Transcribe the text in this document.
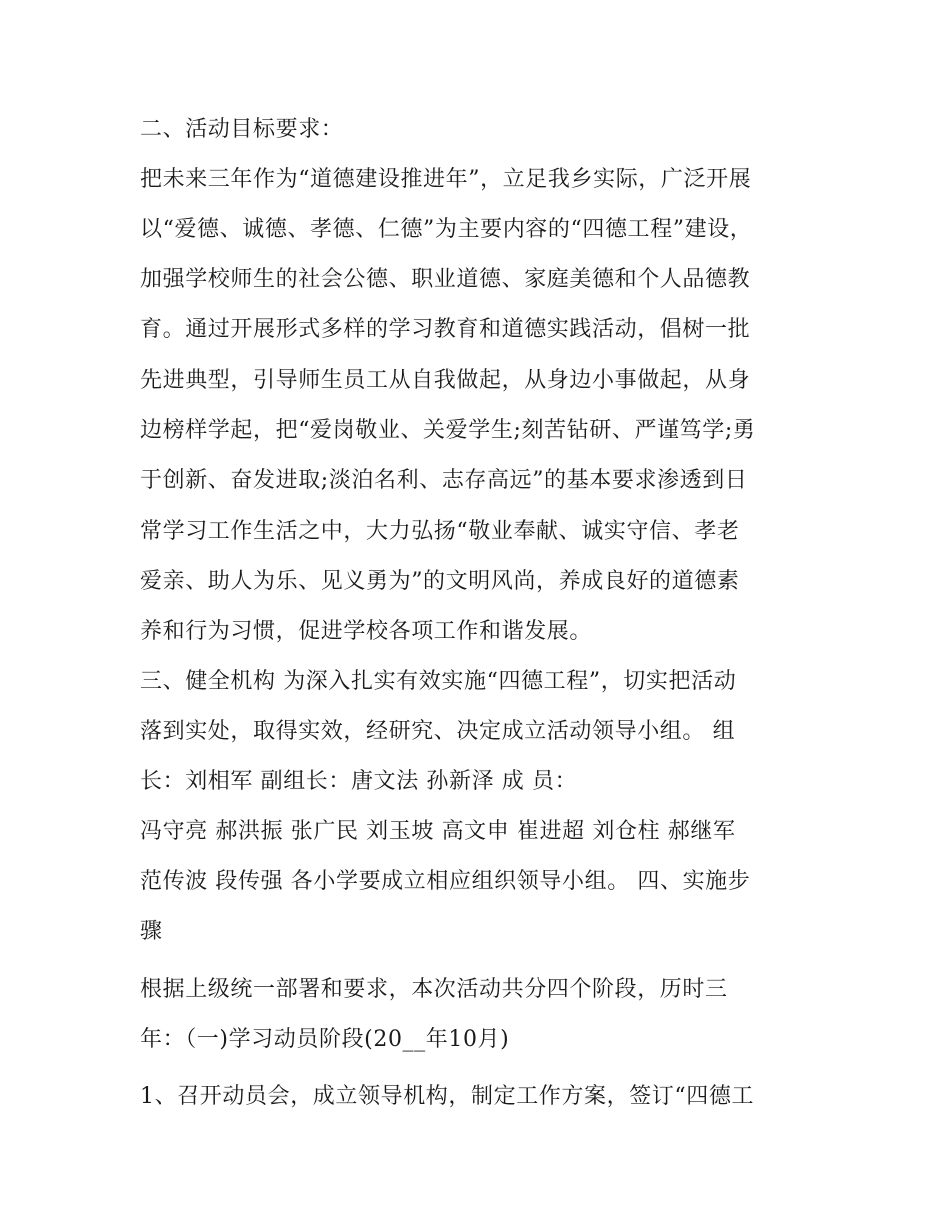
二、活动目标要求：
把未来三年作为“道德建设推进年”，立足我乡实际，广泛开展
以“爱德、诚德、孝德、仁德”为主要内容的“四德工程”建设，
加强学校师生的社会公德、职业道德、家庭美德和个人品德教
育。通过开展形式多样的学习教育和道德实践活动，倡树一批
先进典型，引导师生员工从自我做起，从身边小事做起，从身
边榜样学起，把“爱岗敬业、关爱学生;刻苦钻研、严谨笃学;勇
于创新、奋发进取;淡泊名利、志存高远”的基本要求渗透到日
常学习工作生活之中，大力弘扬“敬业奉献、诚实守信、孝老
爱亲、助人为乐、见义勇为”的文明风尚，养成良好的道德素
养和行为习惯，促进学校各项工作和谐发展。
三、健全机构 为深入扎实有效实施“四德工程”，切实把活动
落到实处，取得实效，经研究、决定成立活动领导小组。 组
长：刘相军 副组长：唐文法 孙新泽 成 员：
冯守亮 郝洪振 张广民 刘玉坡 高文申 崔进超 刘仓柱 郝继军
范传波 段传强 各小学要成立相应组织领导小组。 四、实施步
骤
根据上级统一部署和要求，本次活动共分四个阶段，历时三
年：（一)学习动员阶段(20__年10月)
1、召开动员会，成立领导机构，制定工作方案，签订“四德工
